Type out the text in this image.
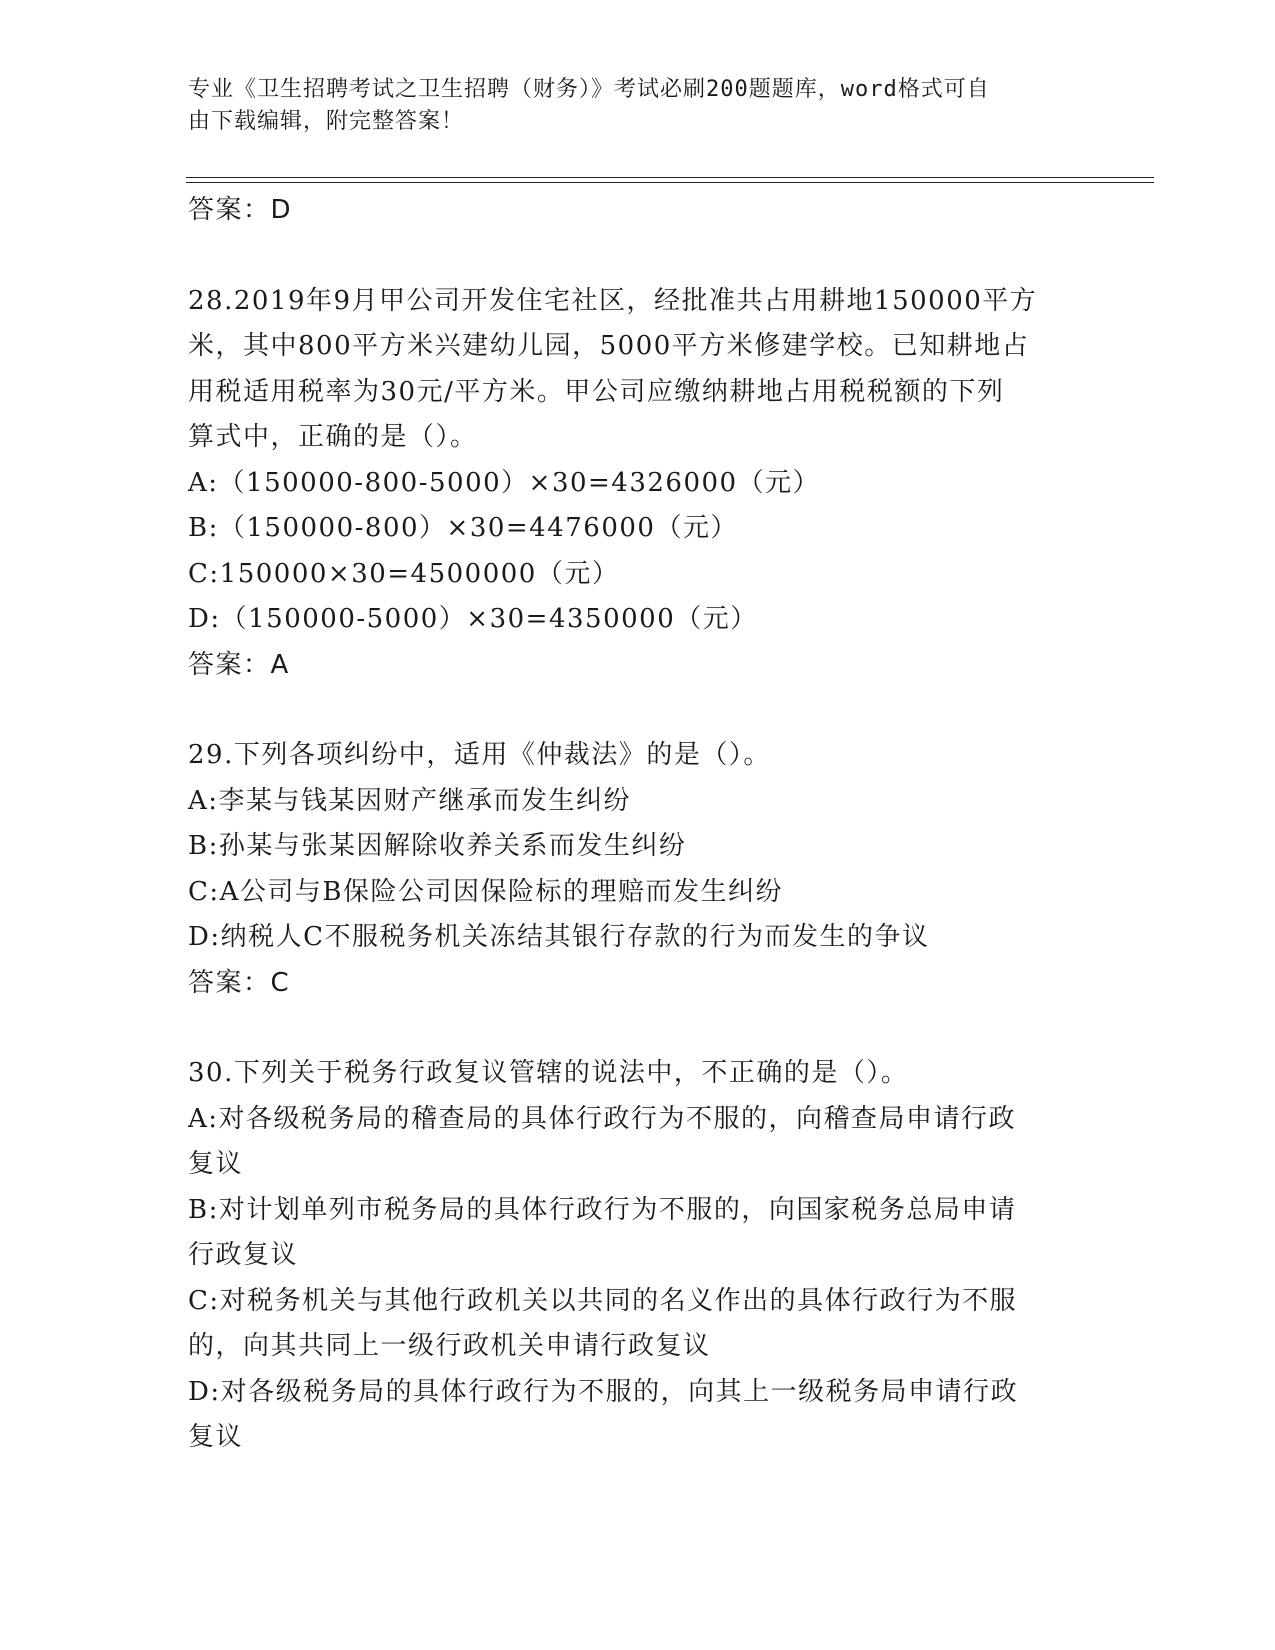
专业《卫生招聘考试之卫生招聘（财务）》考试必刷200题题库，word格式可自
由下载编辑，附完整答案！

答案：D

28.2019年9月甲公司开发住宅社区，经批准共占用耕地150000平方

米，其中800平方米兴建幼儿园，5000平方米修建学校。已知耕地占

用税适用税率为30元/平方米。甲公司应缴纳耕地占用税税额的下列

算式中，正确的是（）。

A:（150000-800-5000）×30=4326000（元）

B:（150000-800）×30=4476000（元）

C:150000×30=4500000（元）

D:（150000-5000）×30=4350000（元）

答案：A

29.下列各项纠纷中，适用《仲裁法》的是（）。

A:李某与钱某因财产继承而发生纠纷

B:孙某与张某因解除收养关系而发生纠纷

C:A公司与B保险公司因保险标的理赔而发生纠纷

D:纳税人C不服税务机关冻结其银行存款的行为而发生的争议

答案：C

30.下列关于税务行政复议管辖的说法中，不正确的是（）。

A:对各级税务局的稽查局的具体行政行为不服的，向稽查局申请行政

复议

B:对计划单列市税务局的具体行政行为不服的，向国家税务总局申请

行政复议

C:对税务机关与其他行政机关以共同的名义作出的具体行政行为不服

的，向其共同上一级行政机关申请行政复议

D:对各级税务局的具体行政行为不服的，向其上一级税务局申请行政

复议
